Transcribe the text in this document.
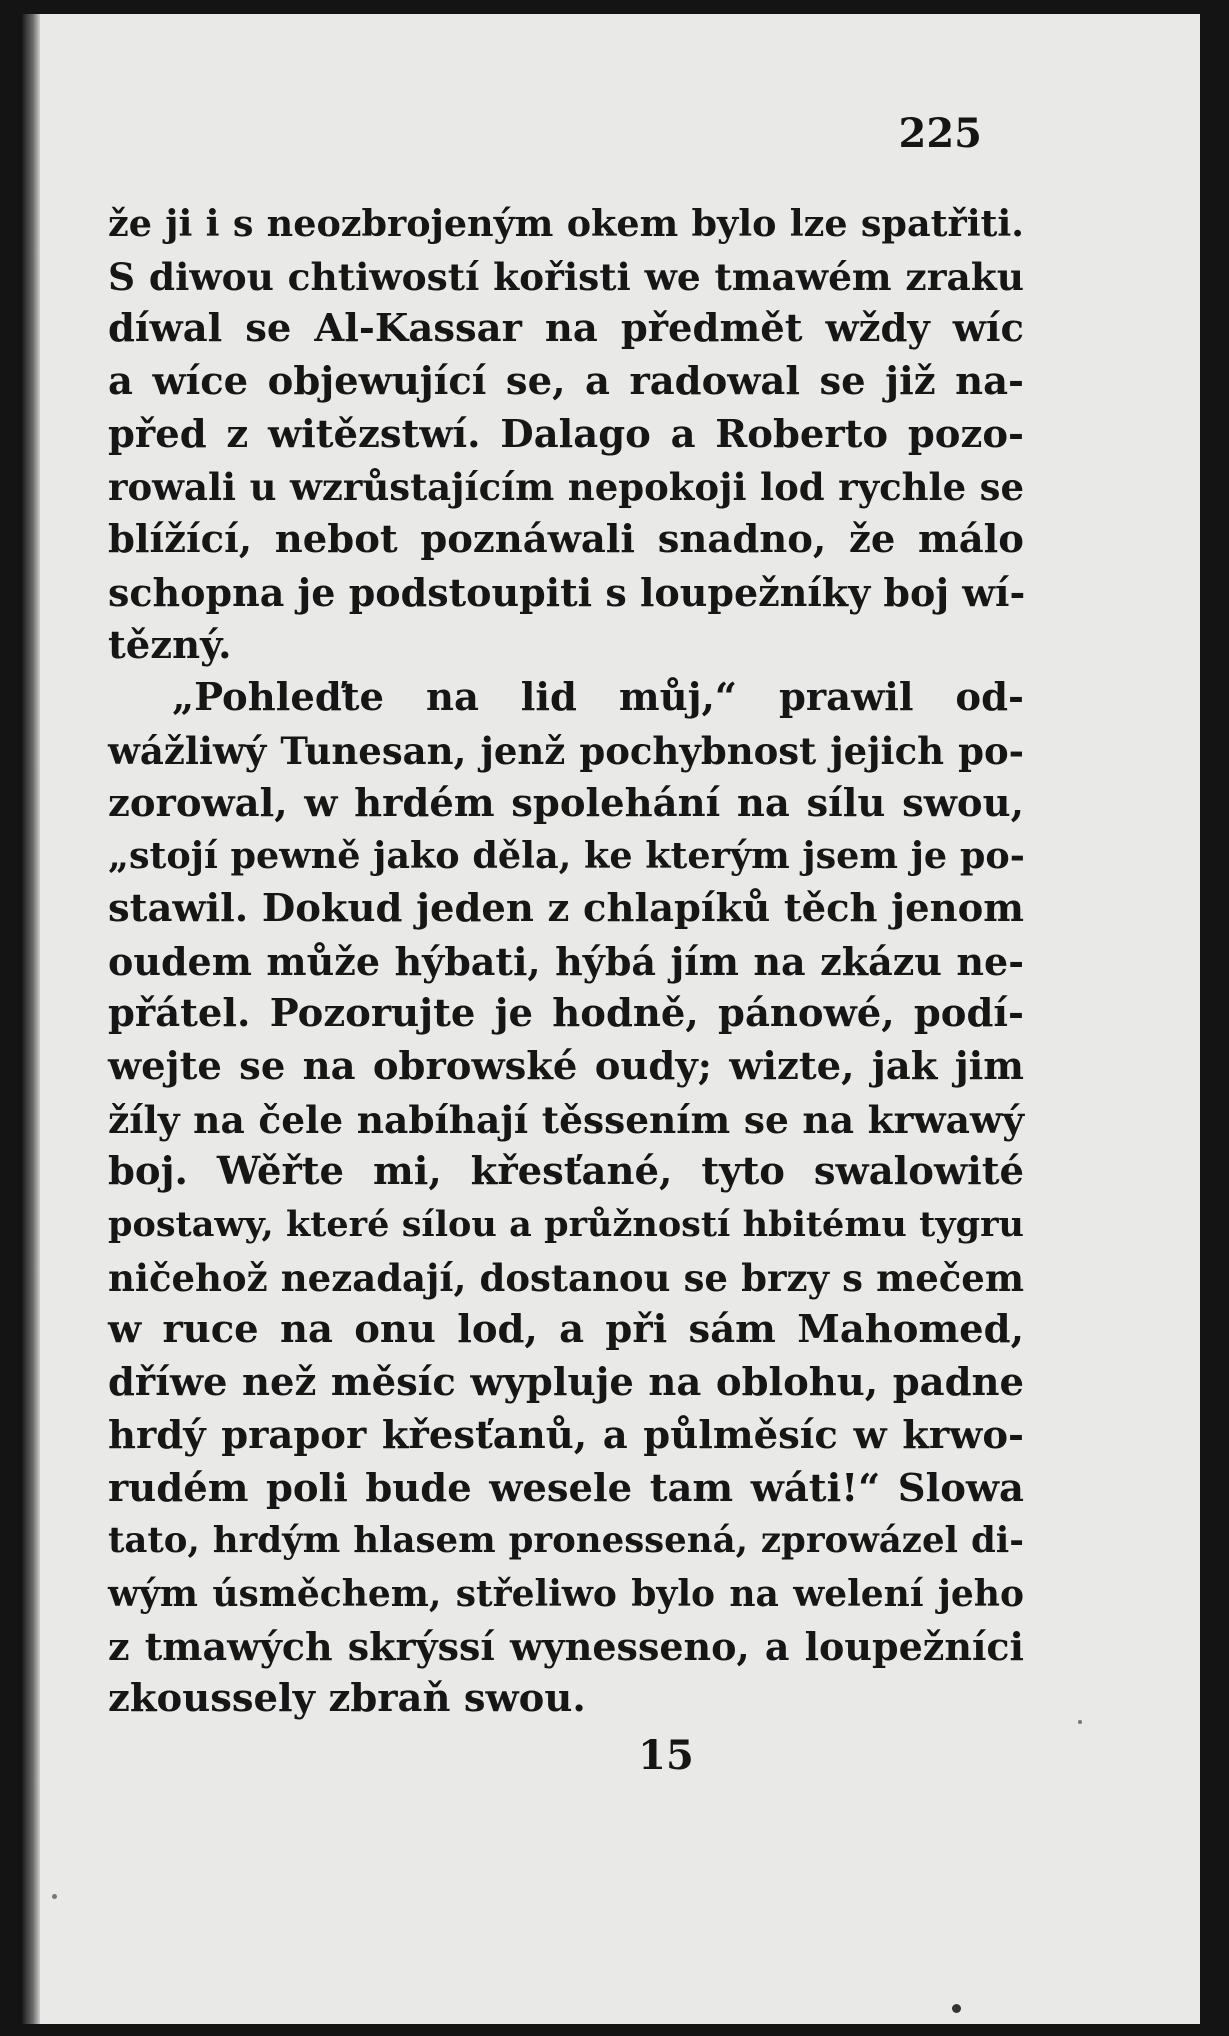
225
že ji i s neozbrojeným okem bylo lze spatřiti.
S diwou chtiwostí kořisti we tmawém zraku
díwal se Al-Kassar na předmět wždy wíc
a wíce objewující se, a radowal se již na-
před z witězstwí. Dalago a Roberto pozo-
rowali u wzrůstajícím nepokoji lod rychle se
blížící, nebot poznáwali snadno, že málo
schopna je podstoupiti s loupežníky boj wí-
tězný.
„Pohleďte na lid můj,“ prawil od-
wážliwý Tunesan, jenž pochybnost jejich po-
zorowal, w hrdém spolehání na sílu swou,
„stojí pewně jako děla, ke kterým jsem je po-
stawil. Dokud jeden z chlapíků těch jenom
oudem může hýbati, hýbá jím na zkázu ne-
přátel. Pozorujte je hodně, pánowé, podí-
wejte se na obrowské oudy; wizte, jak jim
žíly na čele nabíhají těssením se na krwawý
boj. Wěřte mi, křesťané, tyto swalowité
postawy, které sílou a průžností hbitému tygru
ničehož nezadají, dostanou se brzy s mečem
w ruce na onu lod, a při sám Mahomed,
dříwe než měsíc wypluje na oblohu, padne
hrdý prapor křesťanů, a půlměsíc w krwo-
rudém poli bude wesele tam wáti!“ Slowa
tato, hrdým hlasem pronessená, zprowázel di-
wým úsměchem, střeliwo bylo na welení jeho
z tmawých skrýssí wynesseno, a loupežníci
zkoussely zbraň swou.
15
